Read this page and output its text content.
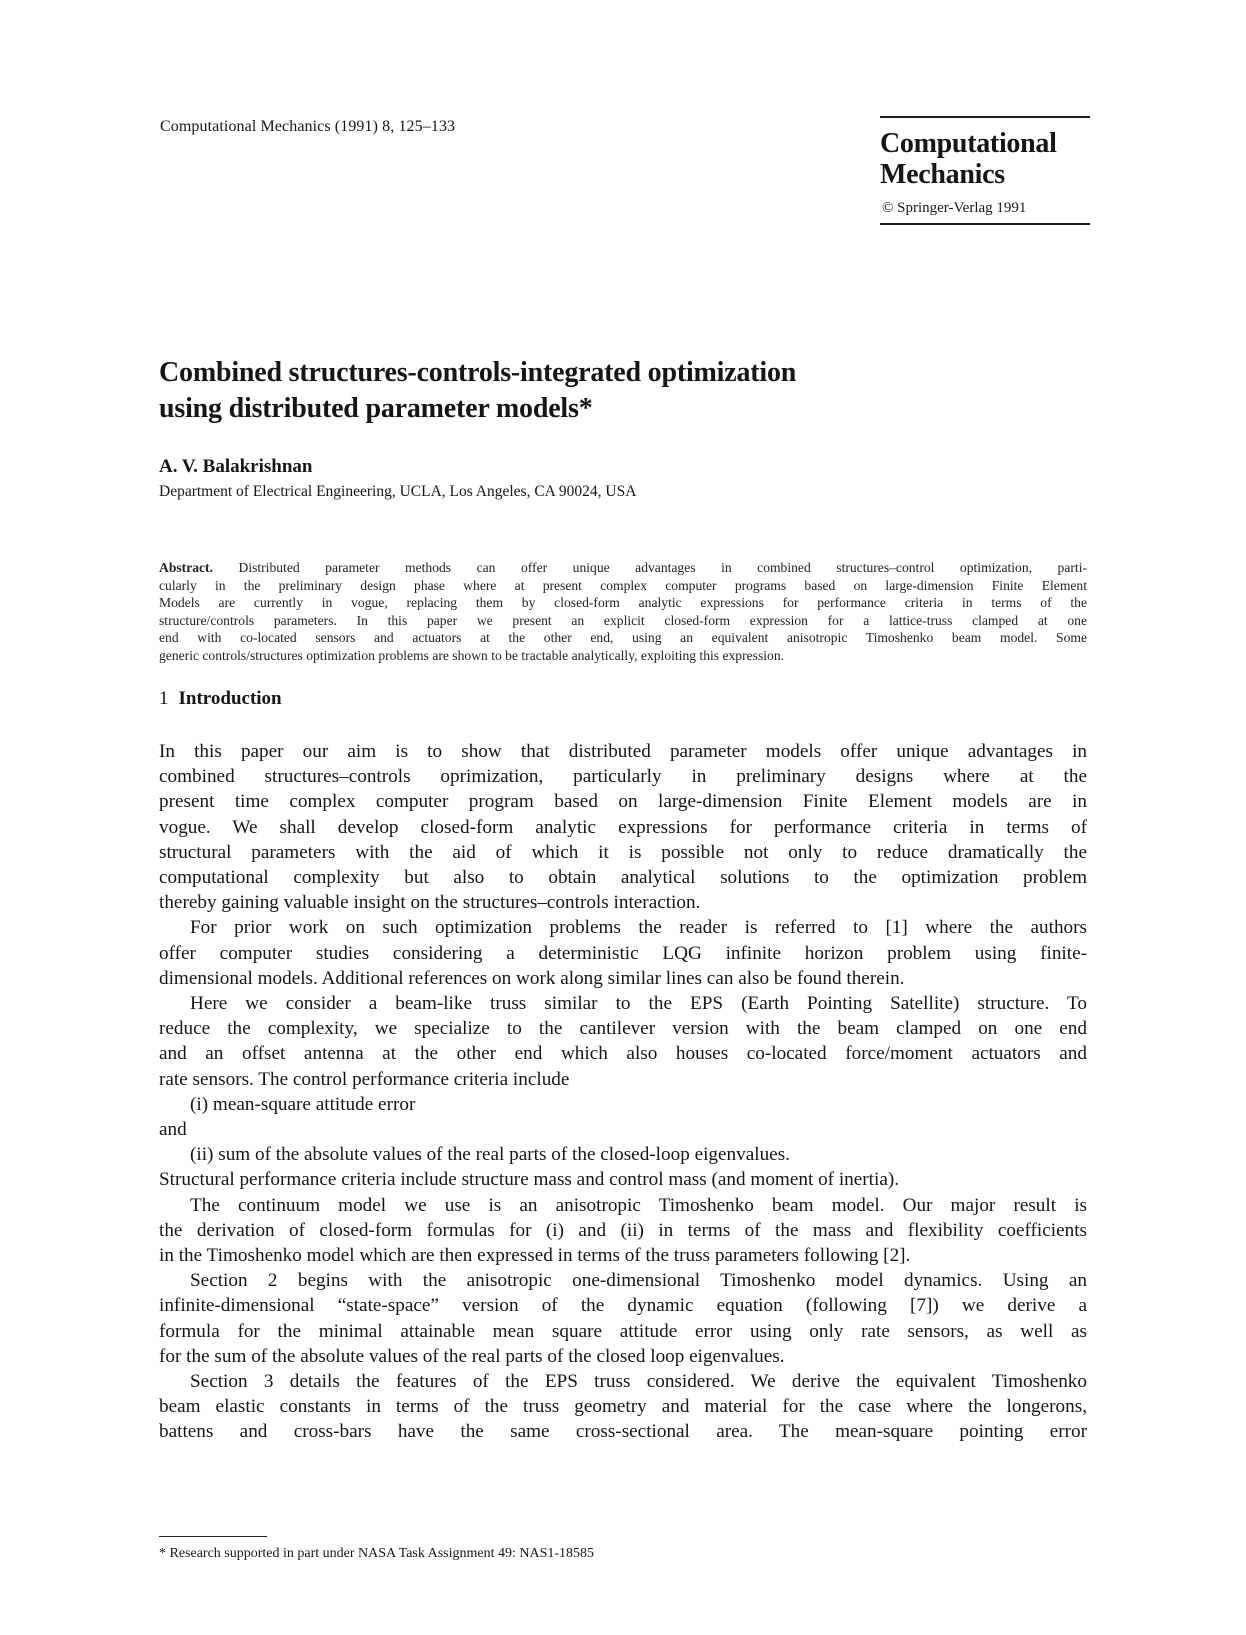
Computational Mechanics (1991) 8, 125–133
Computational
Mechanics
© Springer-Verlag 1991
Combined structures-controls-integrated optimization
using distributed parameter models*
A. V. Balakrishnan
Department of Electrical Engineering, UCLA, Los Angeles, CA 90024, USA
Abstract. Distributed parameter methods can offer unique advantages in combined structures–control optimization, parti-
cularly in the preliminary design phase where at present complex computer programs based on large-dimension Finite Element
Models are currently in vogue, replacing them by closed-form analytic expressions for performance criteria in terms of the
structure/controls parameters. In this paper we present an explicit closed-form expression for a lattice-truss clamped at one
end with co-located sensors and actuators at the other end, using an equivalent anisotropic Timoshenko beam model. Some
generic controls/structures optimization problems are shown to be tractable analytically, exploiting this expression.
1 Introduction
In this paper our aim is to show that distributed parameter models offer unique advantages in
combined structures–controls oprimization, particularly in preliminary designs where at the
present time complex computer program based on large-dimension Finite Element models are in
vogue. We shall develop closed-form analytic expressions for performance criteria in terms of
structural parameters with the aid of which it is possible not only to reduce dramatically the
computational complexity but also to obtain analytical solutions to the optimization problem
thereby gaining valuable insight on the structures–controls interaction.
For prior work on such optimization problems the reader is referred to [1] where the authors
offer computer studies considering a deterministic LQG infinite horizon problem using finite-
dimensional models. Additional references on work along similar lines can also be found therein.
Here we consider a beam-like truss similar to the EPS (Earth Pointing Satellite) structure. To
reduce the complexity, we specialize to the cantilever version with the beam clamped on one end
and an offset antenna at the other end which also houses co-located force/moment actuators and
rate sensors. The control performance criteria include
(i) mean-square attitude error
and
(ii) sum of the absolute values of the real parts of the closed-loop eigenvalues.
Structural performance criteria include structure mass and control mass (and moment of inertia).
The continuum model we use is an anisotropic Timoshenko beam model. Our major result is
the derivation of closed-form formulas for (i) and (ii) in terms of the mass and flexibility coefficients
in the Timoshenko model which are then expressed in terms of the truss parameters following [2].
Section 2 begins with the anisotropic one-dimensional Timoshenko model dynamics. Using an
infinite-dimensional “state-space” version of the dynamic equation (following [7]) we derive a
formula for the minimal attainable mean square attitude error using only rate sensors, as well as
for the sum of the absolute values of the real parts of the closed loop eigenvalues.
Section 3 details the features of the EPS truss considered. We derive the equivalent Timoshenko
beam elastic constants in terms of the truss geometry and material for the case where the longerons,
battens and cross-bars have the same cross-sectional area. The mean-square pointing error
* Research supported in part under NASA Task Assignment 49: NAS1-18585
